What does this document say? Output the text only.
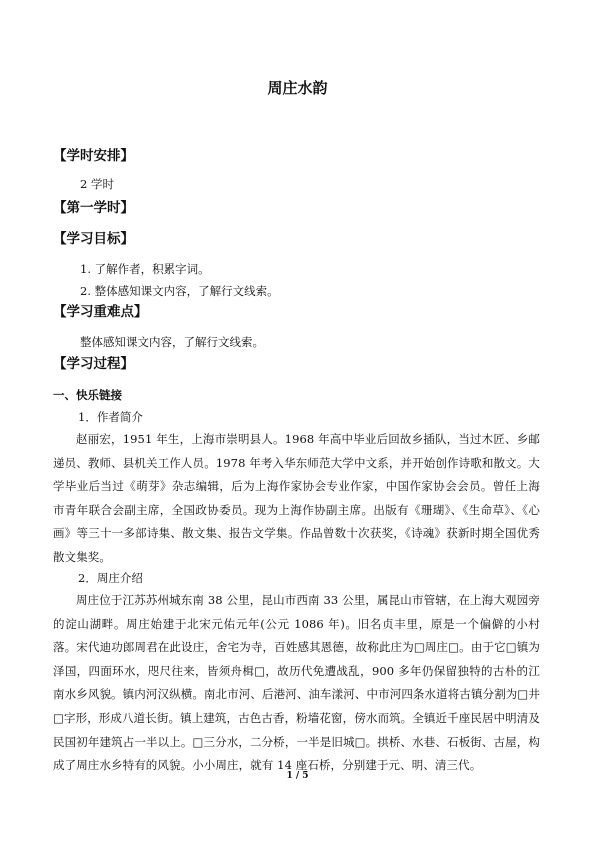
周庄水韵
【学时安排】
2 学时
【第一学时】
【学习目标】
1. 了解作者，积累字词。
2. 整体感知课文内容，了解行文线索。
【学习重难点】
整体感知课文内容，了解行文线索。
【学习过程】
一、快乐链接
1．作者简介
赵丽宏，1951 年生，上海市崇明县人。1968 年高中毕业后回故乡插队，当过木匠、乡邮递员、教师、县机关工作人员。1978 年考入华东师范大学中文系，并开始创作诗歌和散文。大学毕业后当过《萌芽》杂志编辑，后为上海作家协会专业作家，中国作家协会会员。曾任上海市青年联合会副主席，全国政协委员。现为上海作协副主席。出版有《珊瑚》、《生命草》、《心画》等三十一多部诗集、散文集、报告文学集。作品曾数十次获奖，《诗魂》获新时期全国优秀散文集奖。
2．周庄介绍
周庄位于江苏苏州城东南 38 公里，昆山市西南 33 公里，属昆山市管辖，在上海大观园旁的淀山湖畔。周庄始建于北宋元佑元年(公元 1086 年)。旧名贞丰里，原是一个偏僻的小村落。宋代迪功郎周君在此设庄，舍宅为寺，百姓感其恩德，故称此庄为□周庄□。由于它□镇为泽国，四面环水，咫尺往来，皆须舟楫□，故历代免遭战乱，900 多年仍保留独特的古朴的江南水乡风貌。镇内河汉纵横。南北市河、后港河、油车漾河、中市河四条水道将古镇分割为□井□字形，形成八道长街。镇上建筑，古色古香，粉墙花窗，傍水而筑。全镇近千座民居中明清及民国初年建筑占一半以上。□三分水，二分桥，一半是旧城□。拱桥、水巷、石板街、古屋，构成了周庄水乡特有的风貌。小小周庄，就有 14 座石桥，分别建于元、明、清三代。
1 / 5
